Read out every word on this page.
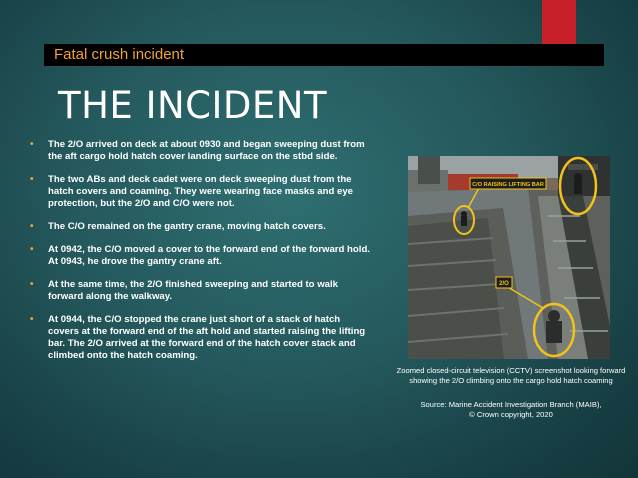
Fatal crush incident
THE INCIDENT
• The 2/O arrived on deck at about 0930 and began sweeping dust from the aft cargo hold hatch cover landing surface on the stbd side.
• The two ABs and deck cadet were on deck sweeping dust from the hatch covers and coaming. They were wearing face masks and eye protection, but the 2/O and C/O were not.
• The C/O remained on the gantry crane, moving hatch covers.
• At 0942, the C/O moved a cover to the forward end of the forward hold. At 0943, he drove the gantry crane aft.
• At the same time, the 2/O finished sweeping and started to walk forward along the walkway.
• At 0944, the C/O stopped the crane just short of a stack of hatch covers at the forward end of the aft hold and started raising the lifting bar. The 2/O arrived at the forward end of the hatch cover stack and climbed onto the hatch coaming.
C/O RAISING LIFTING BAR
2/O

Zoomed closed-circuit television (CCTV) screenshot looking forward showing the 2/O climbing onto the cargo hold hatch coaming

Source: Marine Accident Investigation Branch (MAIB),
© Crown copyright, 2020
